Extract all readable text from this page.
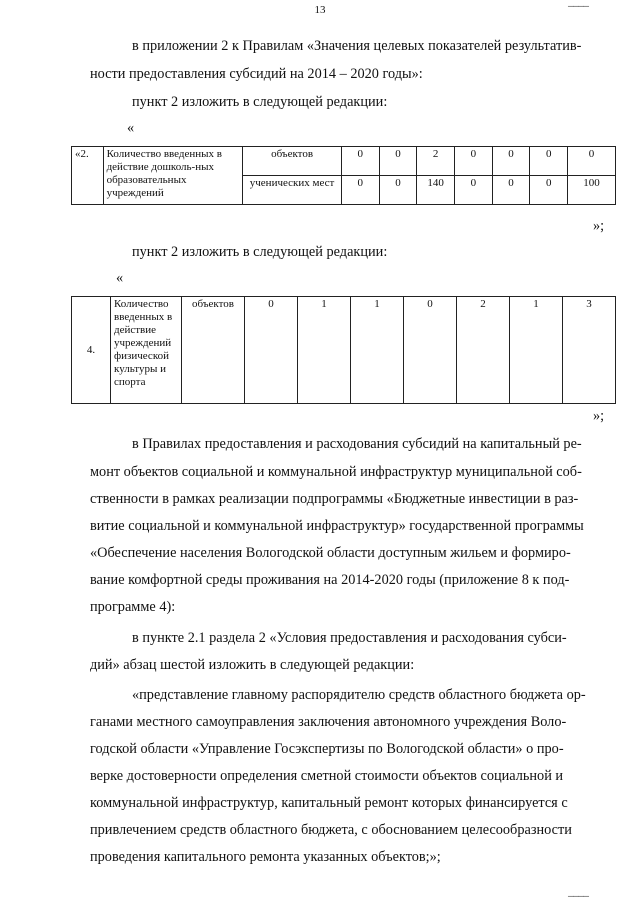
————
13
в приложении 2 к Правилам «Значения целевых показателей результатив-
ности предоставления субсидий на 2014 – 2020 годы»:
пункт 2 изложить в следующей редакции:
«
«2.	Количество введенных в действие дошколь-ных образовательных учреждений	объектов	0	0	2	0	0	0	0
		ученических мест	0	0	140	0	0	0	100
»;
пункт 2 изложить в следующей редакции:
«
4.	Количество введенных в действие учреждений физической культуры и спорта	объектов	0	1	1	0	2	1	3
»;
в Правилах предоставления и расходования субсидий на капитальный ре-
монт объектов социальной и коммунальной инфраструктур муниципальной соб-
ственности в рамках реализации подпрограммы «Бюджетные инвестиции в раз-
витие социальной и коммунальной инфраструктур» государственной программы
«Обеспечение населения Вологодской области доступным жильем и формиро-
вание комфортной среды проживания на 2014-2020 годы (приложение 8 к под-
программе 4):
в пункте 2.1 раздела 2 «Условия предоставления и расходования субси-
дий» абзац шестой изложить в следующей редакции:
«представление главному распорядителю средств областного бюджета ор-
ганами местного самоуправления заключения автономного учреждения Воло-
годской области «Управление Госэкспертизы по Вологодской области» о про-
верке достоверности определения сметной стоимости объектов социальной и
коммунальной инфраструктур, капитальный ремонт которых финансируется с
привлечением средств областного бюджета, с обоснованием целесообразности
проведения капитального ремонта указанных объектов;»;
————
